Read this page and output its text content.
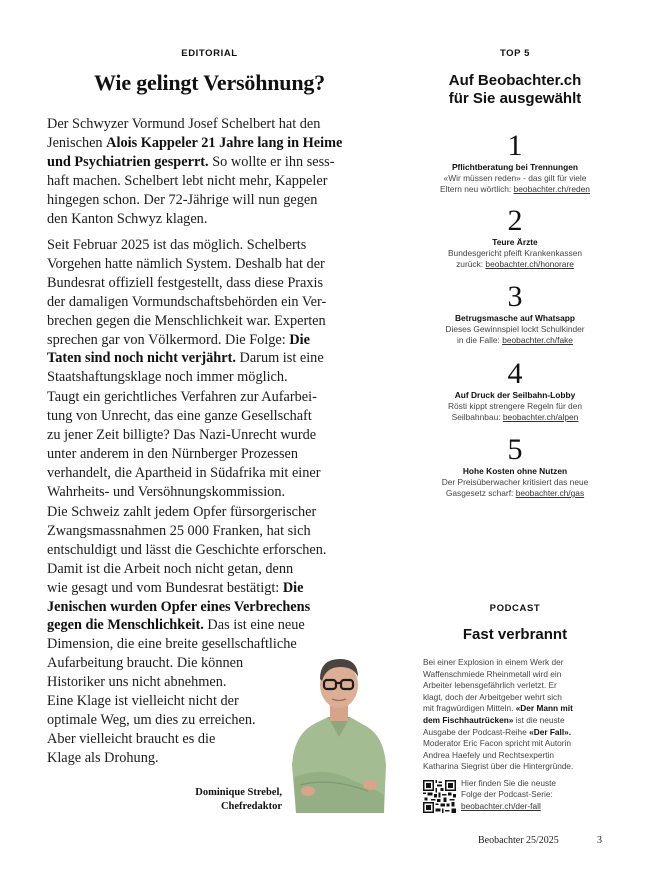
EDITORIAL
Wie gelingt Versöhnung?

Der Schwyzer Vormund Josef Schelbert hat den
Jenischen Alois Kappeler 21 Jahre lang in Heime
und Psychiatrien gesperrt. So wollte er ihn sess-
haft machen. Schelbert lebt nicht mehr, Kappeler
hingegen schon. Der 72-Jährige will nun gegen
den Kanton Schwyz klagen.

Seit Februar 2025 ist das möglich. Schelberts
Vorgehen hatte nämlich System. Deshalb hat der
Bundesrat offiziell festgestellt, dass diese Praxis
der damaligen Vormundschaftsbehörden ein Ver-
brechen gegen die Menschlichkeit war. Experten
sprechen gar von Völkermord. Die Folge: Die
Taten sind noch nicht verjährt. Darum ist eine
Staatshaftungsklage noch immer möglich.

Taugt ein gerichtliches Verfahren zur Aufarbei-
tung von Unrecht, das eine ganze Gesellschaft
zu jener Zeit billigte? Das Nazi-Unrecht wurde
unter anderem in den Nürnberger Prozessen
verhandelt, die Apartheid in Südafrika mit einer
Wahrheits- und Versöhnungskommission.

Die Schweiz zahlt jedem Opfer fürsorgerischer
Zwangsmassnahmen 25 000 Franken, hat sich
entschuldigt und lässt die Geschichte erforschen.
Damit ist die Arbeit noch nicht getan, denn
wie gesagt und vom Bundesrat bestätigt: Die
Jenischen wurden Opfer eines Verbrechens
gegen die Menschlichkeit. Das ist eine neue
Dimension, die eine breite gesellschaftliche
Aufarbeitung braucht. Die können
Historiker uns nicht abnehmen.
Eine Klage ist vielleicht nicht der
optimale Weg, um dies zu erreichen.
Aber vielleicht braucht es die
Klage als Drohung.

Dominique Strebel,
Chefredaktor
TOP 5
Auf Beobachter.ch
für Sie ausgewählt
1
Pflichtberatung bei Trennungen
«Wir müssen reden» - das gilt für viele
Eltern neu wörtlich: beobachter.ch/reden
2
Teure Ärzte
Bundesgericht pfeift Krankenkassen
zurück: beobachter.ch/honorare
3
Betrugsmasche auf Whatsapp
Dieses Gewinnspiel lockt Schulkinder
in die Falle: beobachter.ch/fake
4
Auf Druck der Seilbahn-Lobby
Rösti kippt strengere Regeln für den
Seilbahnbau: beobachter.ch/alpen
5
Hohe Kosten ohne Nutzen
Der Preisüberwacher kritisiert das neue
Gasgesetz scharf: beobachter.ch/gas
PODCAST
Fast verbrannt
Bei einer Explosion in einem Werk der
Waffenschmiede Rheinmetall wird ein
Arbeiter lebensgefährlich verletzt. Er
klagt, doch der Arbeitgeber wehrt sich
mit fragwürdigen Mitteln. «Der Mann mit
dem Fischhautrücken» ist die neuste
Ausgabe der Podcast-Reihe «Der Fall».
Moderator Eric Facon spricht mit Autorin
Andrea Haefely und Rechtsexpertin
Katharina Siegrist über die Hintergründe.
Hier finden Sie die neuste
Folge der Podcast-Serie:
beobachter.ch/der-fall
Beobachter 25/2025	3
